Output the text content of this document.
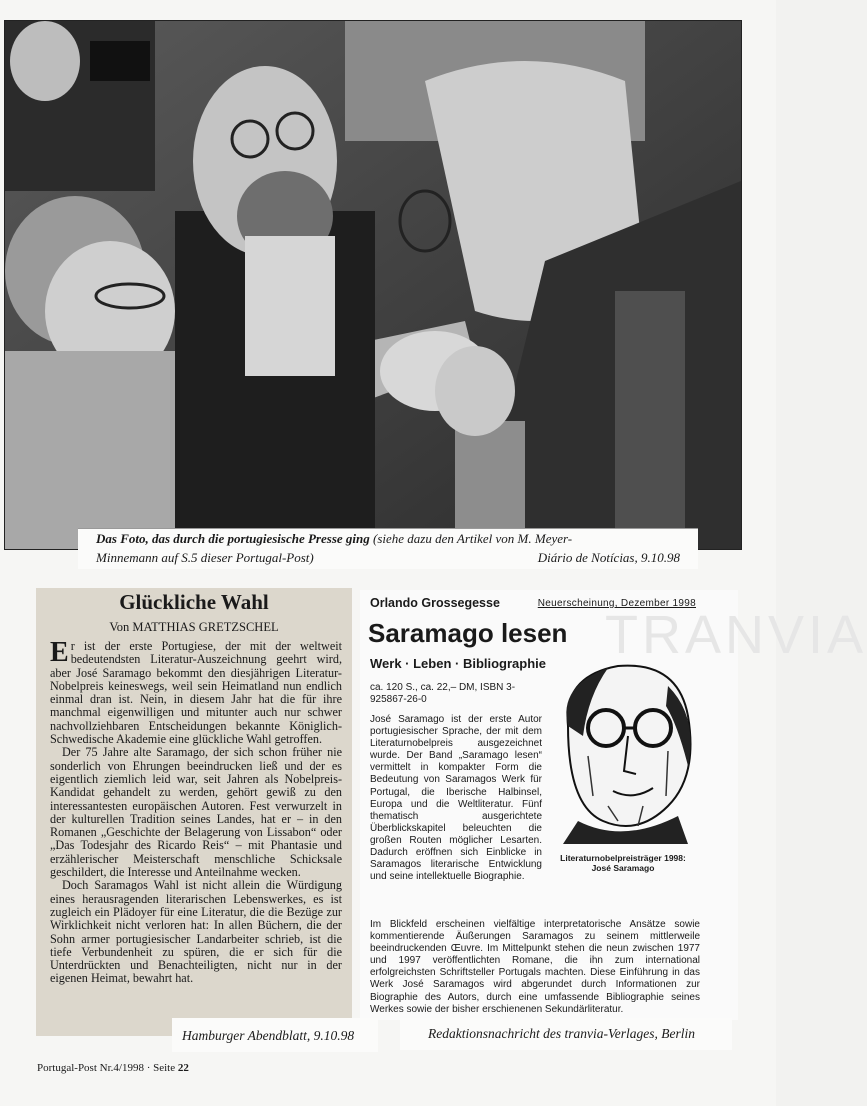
Das Foto, das durch die portugiesische Presse ging (siehe dazu den Artikel von M. Meyer-
Minnemann auf S.5 dieser Portugal-Post)	Diário de Notícias, 9.10.98
Glückliche Wahl
Von MATTHIAS GRETZSCHEL

Er ist der erste Portugiese, der mit der weltweit bedeutendsten Literatur-Auszeichnung geehrt wird, aber José Saramago bekommt den diesjährigen Literatur-Nobelpreis keineswegs, weil sein Heimatland nun endlich einmal dran ist. Nein, in diesem Jahr hat die für ihre manchmal eigenwilligen und mitunter auch nur schwer nachvollziehbaren Entscheidungen bekannte Königlich-Schwedische Akademie eine glückliche Wahl getroffen.

Der 75 Jahre alte Saramago, der sich schon früher nie sonderlich von Ehrungen beeindrucken ließ und der es eigentlich ziemlich leid war, seit Jahren als Nobelpreis-Kandidat gehandelt zu werden, gehört gewiß zu den interessantesten europäischen Autoren. Fest verwurzelt in der kulturellen Tradition seines Landes, hat er – in den Romanen „Geschichte der Belagerung von Lissabon“ oder „Das Todesjahr des Ricardo Reis“ – mit Phantasie und erzählerischer Meisterschaft menschliche Schicksale geschildert, die Interesse und Anteilnahme wecken.

Doch Saramagos Wahl ist nicht allein die Würdigung eines herausragenden literarischen Lebenswerkes, es ist zugleich ein Plädoyer für eine Literatur, die die Bezüge zur Wirklichkeit nicht verloren hat: In allen Büchern, die der Sohn armer portugiesischer Landarbeiter schrieb, ist die tiefe Verbundenheit zu spüren, die er sich für die Unterdrückten und Benachteiligten, nicht nur in der eigenen Heimat, bewahrt hat.

TRANVIA
Orlando Grossegesse	Neuerscheinung, Dezember 1998
Saramago lesen
Werk · Leben · Bibliographie
ca. 120 S., ca. 22,– DM, ISBN 3-925867-26-0
José Saramago ist der erste Autor portugiesischer Sprache, der mit dem Literaturnobelpreis ausgezeichnet wurde. Der Band „Saramago lesen“ vermittelt in kompakter Form die Bedeutung von Saramagos Werk für Portugal, die Iberische Halbinsel, Europa und die Weltliteratur. Fünf thematisch ausgerichtete Überblickskapitel beleuchten die großen Routen möglicher Lesarten. Dadurch eröffnen sich Einblicke in Saramagos literarische Entwicklung und seine intellektuelle Biographie.
Literaturnobelpreisträger 1998:
José Saramago
Im Blickfeld erscheinen vielfältige interpretatorische Ansätze sowie kommentierende Äußerungen Saramagos zu seinem mittlerweile beeindruckenden Œuvre. Im Mittelpunkt stehen die neun zwischen 1977 und 1997 veröffentlichten Romane, die ihn zum international erfolgreichsten Schriftsteller Portugals machten. Diese Einführung in das Werk José Saramagos wird abgerundet durch Informationen zur Biographie des Autors, durch eine umfassende Bibliographie seines Werkes sowie der bisher erschienenen Sekundärliteratur.
Hamburger Abendblatt, 9.10.98	Redaktionsnachricht des tranvia-Verlages, Berlin
Portugal-Post Nr.4/1998 · Seite 22
